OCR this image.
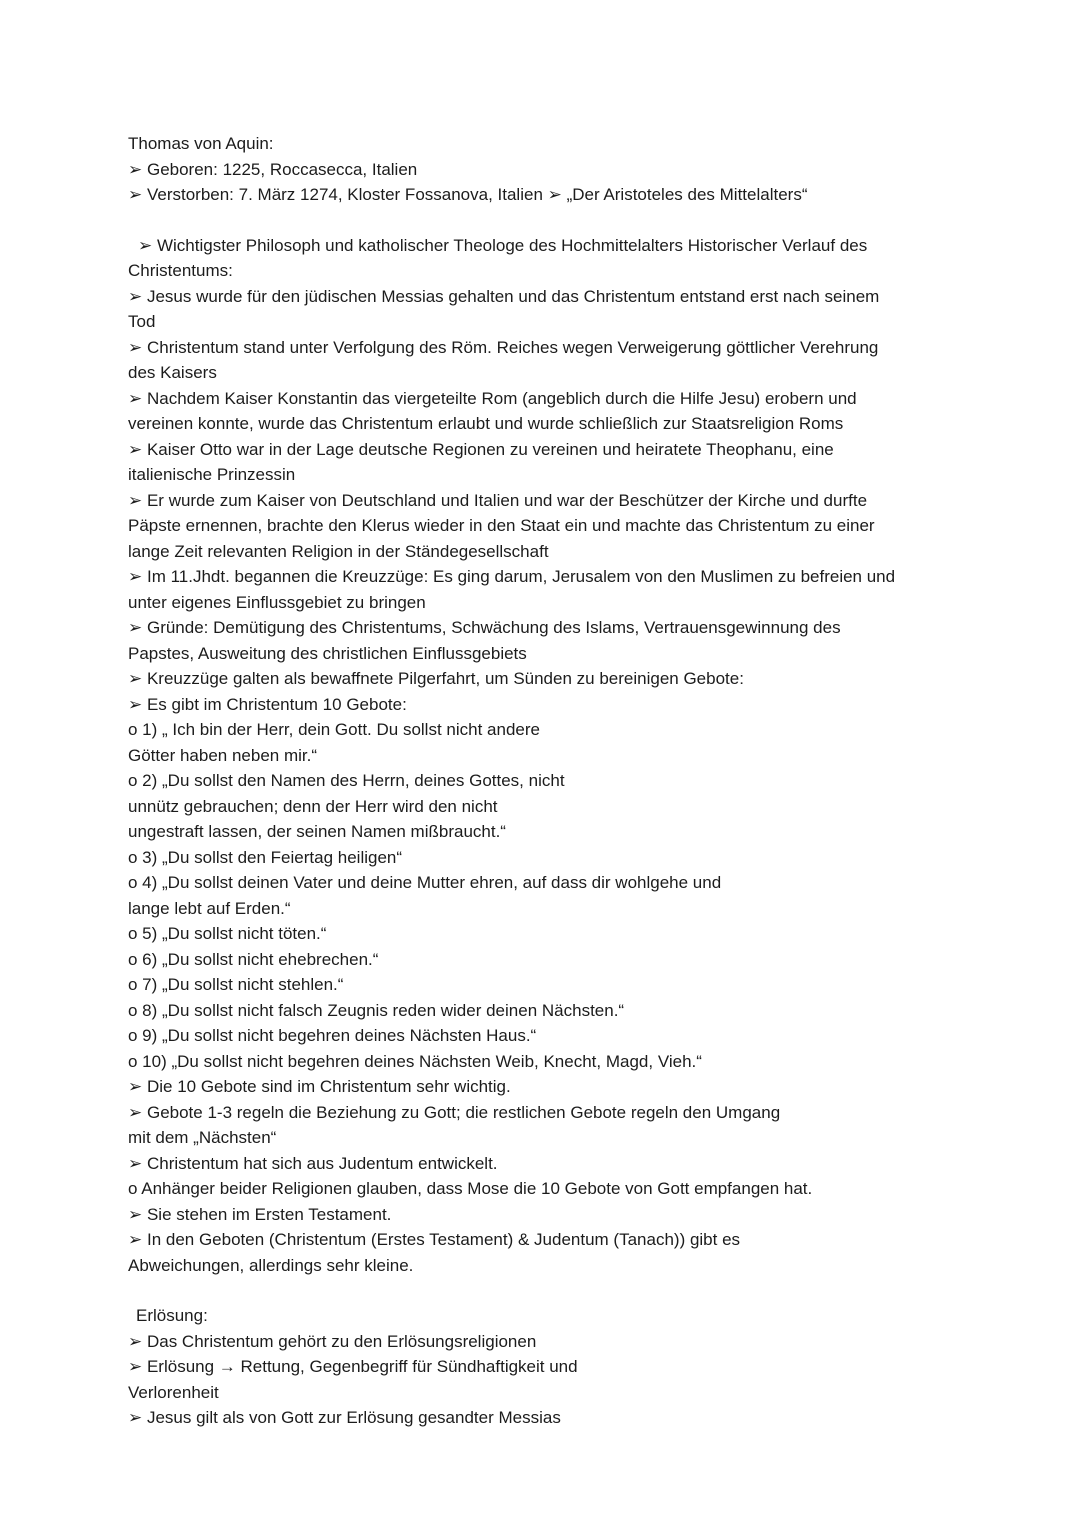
Thomas von Aquin:

➢ Geboren: 1225, Roccasecca, Italien

➢ Verstorben: 7. März 1274, Kloster Fossanova, Italien ➢ „Der Aristoteles des Mittelalters“

➢ Wichtigster Philosoph und katholischer Theologe des Hochmittelalters Historischer Verlauf des

Christentums:

➢ Jesus wurde für den jüdischen Messias gehalten und das Christentum entstand erst nach seinem

Tod

➢ Christentum stand unter Verfolgung des Röm. Reiches wegen Verweigerung göttlicher Verehrung

des Kaisers

➢ Nachdem Kaiser Konstantin das viergeteilte Rom (angeblich durch die Hilfe Jesu) erobern und

vereinen konnte, wurde das Christentum erlaubt und wurde schließlich zur Staatsreligion Roms

➢ Kaiser Otto war in der Lage deutsche Regionen zu vereinen und heiratete Theophanu, eine

italienische Prinzessin

➢ Er wurde zum Kaiser von Deutschland und Italien und war der Beschützer der Kirche und durfte

Päpste ernennen, brachte den Klerus wieder in den Staat ein und machte das Christentum zu einer

lange Zeit relevanten Religion in der Ständegesellschaft

➢ Im 11.Jhdt. begannen die Kreuzzüge: Es ging darum, Jerusalem von den Muslimen zu befreien und

unter eigenes Einflussgebiet zu bringen

➢ Gründe: Demütigung des Christentums, Schwächung des Islams, Vertrauensgewinnung des

Papstes, Ausweitung des christlichen Einflussgebiets

➢ Kreuzzüge galten als bewaffnete Pilgerfahrt, um Sünden zu bereinigen Gebote:

➢ Es gibt im Christentum 10 Gebote:

o 1) „ Ich bin der Herr, dein Gott. Du sollst nicht andere

Götter haben neben mir.“

o 2) „Du sollst den Namen des Herrn, deines Gottes, nicht

unnütz gebrauchen; denn der Herr wird den nicht

ungestraft lassen, der seinen Namen mißbraucht.“

o 3) „Du sollst den Feiertag heiligen“

o 4) „Du sollst deinen Vater und deine Mutter ehren, auf dass dir wohlgehe und

lange lebt auf Erden.“

o 5) „Du sollst nicht töten.“

o 6) „Du sollst nicht ehebrechen.“

o 7) „Du sollst nicht stehlen.“

o 8) „Du sollst nicht falsch Zeugnis reden wider deinen Nächsten.“

o 9) „Du sollst nicht begehren deines Nächsten Haus.“

o 10) „Du sollst nicht begehren deines Nächsten Weib, Knecht, Magd, Vieh.“

➢ Die 10 Gebote sind im Christentum sehr wichtig.

➢ Gebote 1-3 regeln die Beziehung zu Gott; die restlichen Gebote regeln den Umgang

mit dem „Nächsten“

➢ Christentum hat sich aus Judentum entwickelt.

o Anhänger beider Religionen glauben, dass Mose die 10 Gebote von Gott empfangen hat.

➢ Sie stehen im Ersten Testament.

➢ In den Geboten (Christentum (Erstes Testament) & Judentum (Tanach)) gibt es

Abweichungen, allerdings sehr kleine.

Erlösung:

➢ Das Christentum gehört zu den Erlösungsreligionen

➢ Erlösung → Rettung, Gegenbegriff für Sündhaftigkeit und

Verlorenheit

➢ Jesus gilt als von Gott zur Erlösung gesandter Messias
